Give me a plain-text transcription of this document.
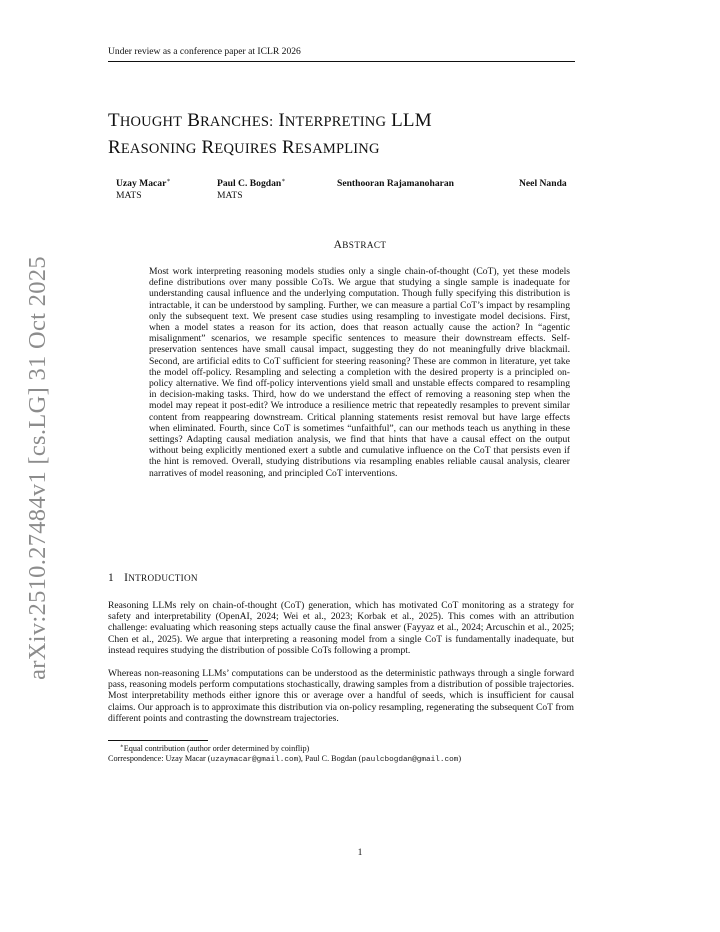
Under review as a conference paper at ICLR 2026
arXiv:2510.27484v1 [cs.LG] 31 Oct 2025
THOUGHT BRANCHES: INTERPRETING LLM
REASONING REQUIRES RESAMPLING
Uzay Macar∗
MATS
Paul C. Bogdan∗
MATS
Senthooran Rajamanoharan	Neel Nanda
ABSTRACT
Most work interpreting reasoning models studies only a single chain-of-thought (CoT), yet these models define distributions over many possible CoTs. We argue that studying a single sample is inadequate for understanding causal influence and the underlying computation. Though fully specifying this distribution is intractable, it can be understood by sampling. Further, we can measure a partial CoT’s impact by resampling only the subsequent text. We present case studies using resampling to investigate model decisions. First, when a model states a reason for its action, does that reason actually cause the action? In “agentic misalignment” scenarios, we resample specific sentences to measure their downstream effects. Self-preservation sentences have small causal impact, suggesting they do not meaningfully drive blackmail. Second, are artificial edits to CoT sufficient for steering reasoning? These are common in literature, yet take the model off-policy. Resampling and selecting a completion with the desired property is a principled on-policy alternative. We find off-policy interventions yield small and unstable effects compared to resampling in decision-making tasks. Third, how do we understand the effect of removing a reasoning step when the model may repeat it post-edit? We introduce a resilience metric that repeatedly resamples to prevent similar content from reappearing downstream. Critical planning statements resist removal but have large effects when eliminated. Fourth, since CoT is sometimes “unfaithful”, can our methods teach us anything in these settings? Adapting causal mediation analysis, we find that hints that have a causal effect on the output without being explicitly mentioned exert a subtle and cumulative influence on the CoT that persists even if the hint is removed. Overall, studying distributions via resampling enables reliable causal analysis, clearer narratives of model reasoning, and principled CoT interventions.
1 INTRODUCTION
Reasoning LLMs rely on chain-of-thought (CoT) generation, which has motivated CoT monitoring as a strategy for safety and interpretability (OpenAI, 2024; Wei et al., 2023; Korbak et al., 2025). This comes with an attribution challenge: evaluating which reasoning steps actually cause the final answer (Fayyaz et al., 2024; Arcuschin et al., 2025; Chen et al., 2025). We argue that interpreting a reasoning model from a single CoT is fundamentally inadequate, but instead requires studying the distribution of possible CoTs following a prompt.
Whereas non-reasoning LLMs’ computations can be understood as the deterministic pathways through a single forward pass, reasoning models perform computations stochastically, drawing samples from a distribution of possible trajectories. Most interpretability methods either ignore this or average over a handful of seeds, which is insufficient for causal claims. Our approach is to approximate this distribution via on-policy resampling, regenerating the subsequent CoT from different points and contrasting the downstream trajectories.
∗Equal contribution (author order determined by coinflip)
Correspondence: Uzay Macar (uzaymacar@gmail.com), Paul C. Bogdan (paulcbogdan@gmail.com)
1
